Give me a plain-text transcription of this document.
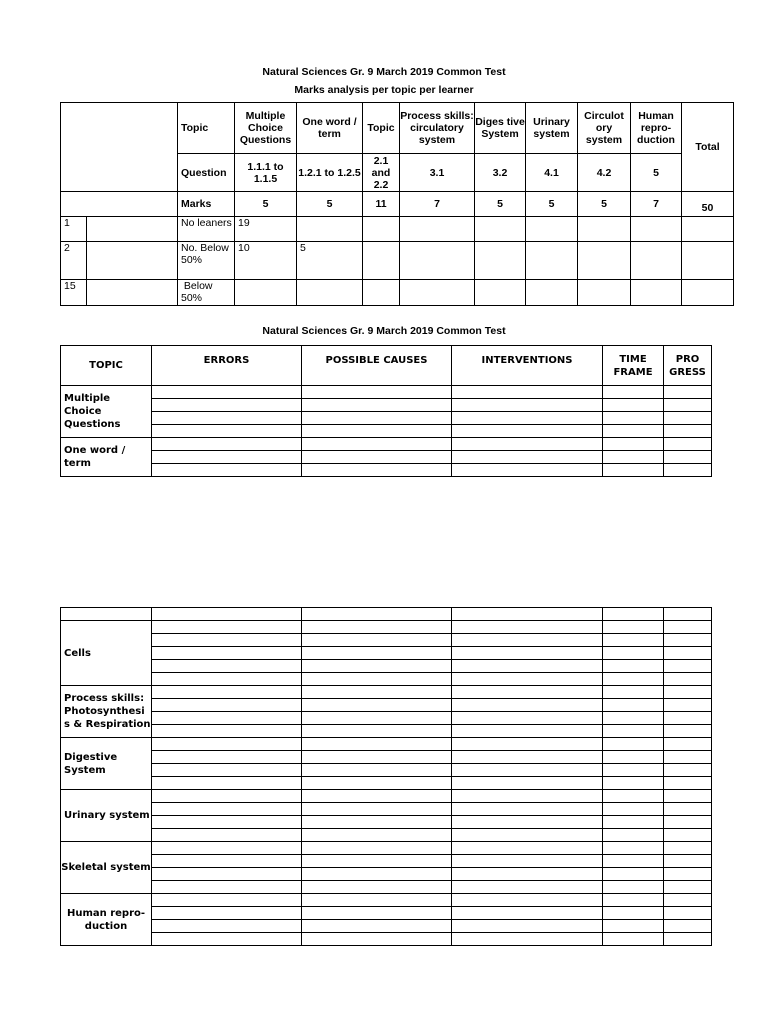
Natural Sciences Gr. 9 March 2019 Common Test
Marks analysis per topic per learner
		Topic	Multiple Choice Questions	One word / term	Topic	Process skills: circulatory system	Diges tive System	Urinary system	Circulot ory system	Human repro-duction	Total
		Question	1.1.1 to 1.1.5	1.2.1 to 1.2.5	2.1 and 2.2	3.1	3.2	4.1	4.2	5	
		Marks	5	5	11	7	5	5	5	7	50
1		No leaners	19								
2		No. Below 50%	10	5							
15		Below 50%									
Natural Sciences Gr. 9 March 2019 Common Test
TOPIC	ERRORS	POSSIBLE CAUSES	INTERVENTIONS	TIME FRAME	PRO GRESS
Multiple Choice Questions					

One word / term					

Cells					

Process skills: Photosynthesi s & Respiration					

Digestive System					

Urinary system					

Skeletal system					

Human repro-duction					
